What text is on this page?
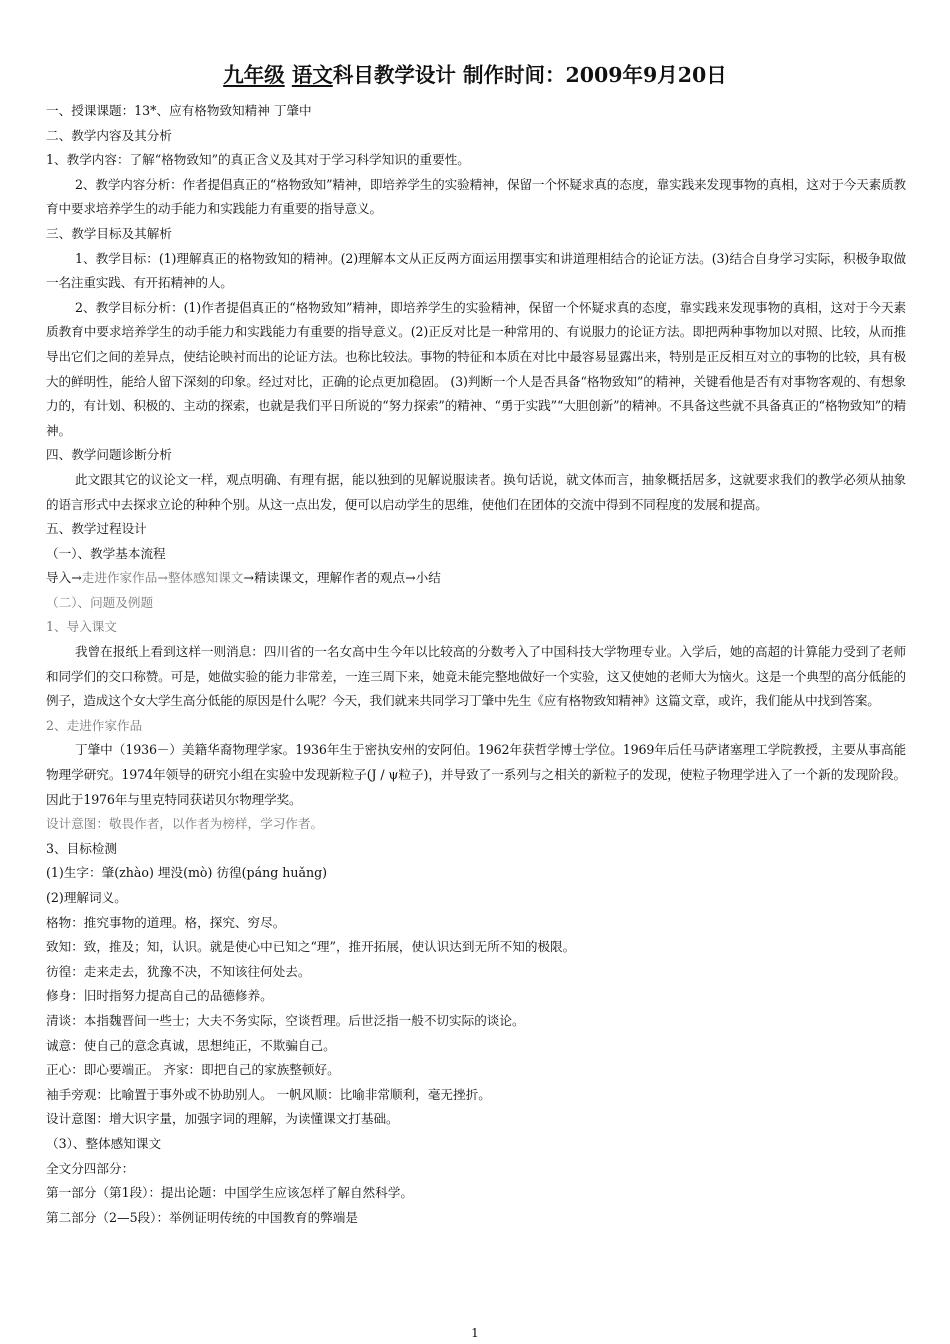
九年级 语文科目教学设计 制作时间：2009年9月20日

一、授课课题：13*、应有格物致知精神 丁肇中

二、教学内容及其分析

1、教学内容：了解“格物致知”的真正含义及其对于学习科学知识的重要性。

2、教学内容分析：作者提倡真正的“格物致知”精神，即培养学生的实验精神，保留一个怀疑求真的态度，靠实践来发现事物的真相，这对于今天素质教育中要求培养学生的动手能力和实践能力有重要的指导意义。

三、教学目标及其解析

1、教学目标：(1)理解真正的格物致知的精神。(2)理解本文从正反两方面运用摆事实和讲道理相结合的论证方法。(3)结合自身学习实际，积极争取做一名注重实践、有开拓精神的人。

2、教学目标分析：(1)作者提倡真正的“格物致知”精神，即培养学生的实验精神，保留一个怀疑求真的态度，靠实践来发现事物的真相，这对于今天素质教育中要求培养学生的动手能力和实践能力有重要的指导意义。(2)正反对比是一种常用的、有说服力的论证方法。即把两种事物加以对照、比较，从而推导出它们之间的差异点，使结论映衬而出的论证方法。也称比较法。事物的特征和本质在对比中最容易显露出来，特别是正反相互对立的事物的比较，具有极大的鲜明性，能给人留下深刻的印象。经过对比，正确的论点更加稳固。 (3)判断一个人是否具备“格物致知”的精神，关键看他是否有对事物客观的、有想象力的，有计划、积极的、主动的探索，也就是我们平日所说的“努力探索”的精神、“勇于实践”“大胆创新”的精神。不具备这些就不具备真正的“格物致知”的精神。

四、教学问题诊断分析

此文跟其它的议论文一样，观点明确、有理有据，能以独到的见解说服读者。换句话说，就文体而言，抽象概括居多，这就要求我们的教学必须从抽象的语言形式中去探求立论的种种个别。从这一点出发，便可以启动学生的思维，使他们在团体的交流中得到不同程度的发展和提高。

五、教学过程设计

（一）、教学基本流程

导入→走进作家作品→整体感知课文→精读课文，理解作者的观点→小结

（二）、问题及例题

1、导入课文

我曾在报纸上看到这样一则消息：四川省的一名女高中生今年以比较高的分数考入了中国科技大学物理专业。入学后，她的高超的计算能力受到了老师和同学们的交口称赞。可是，她做实验的能力非常差，一连三周下来，她竟未能完整地做好一个实验，这又使她的老师大为恼火。这是一个典型的高分低能的例子，造成这个女大学生高分低能的原因是什么呢？今天，我们就来共同学习丁肇中先生《应有格物致知精神》这篇文章，或许，我们能从中找到答案。

2、走进作家作品

丁肇中（1936－）美籍华裔物理学家。1936年生于密执安州的安阿伯。1962年获哲学博士学位。1969年后任马萨诸塞理工学院教授，主要从事高能物理学研究。1974年领导的研究小组在实验中发现新粒子(J / ψ粒子)，并导致了一系列与之相关的新粒子的发现，使粒子物理学进入了一个新的发现阶段。因此于1976年与里克特同获诺贝尔物理学奖。

设计意图：敬畏作者，以作者为榜样，学习作者。

3、目标检测

(1)生字：肇(zhào) 埋没(mò) 彷徨(páng huǎng)

(2)理解词义。

格物：推究事物的道理。格，探究、穷尽。

致知：致，推及；知，认识。就是使心中已知之“理”，推开拓展，使认识达到无所不知的极限。

彷徨：走来走去，犹豫不决，不知该往何处去。

修身：旧时指努力提高自己的品德修养。

清谈：本指魏晋间一些士；大夫不务实际，空谈哲理。后世泛指一般不切实际的谈论。

诚意：使自己的意念真诚，思想纯正，不欺骗自己。

正心：即心要端正。 齐家：即把自己的家族整顿好。

袖手旁观：比喻置于事外或不协助别人。 一帆风顺：比喻非常顺利，毫无挫折。

设计意图：增大识字量，加强字词的理解，为读懂课文打基础。

（3）、整体感知课文

全文分四部分：

第一部分（第1段）：提出论题：中国学生应该怎样了解自然科学。

第二部分（2—5段）：举例证明传统的中国教育的弊端是

1
